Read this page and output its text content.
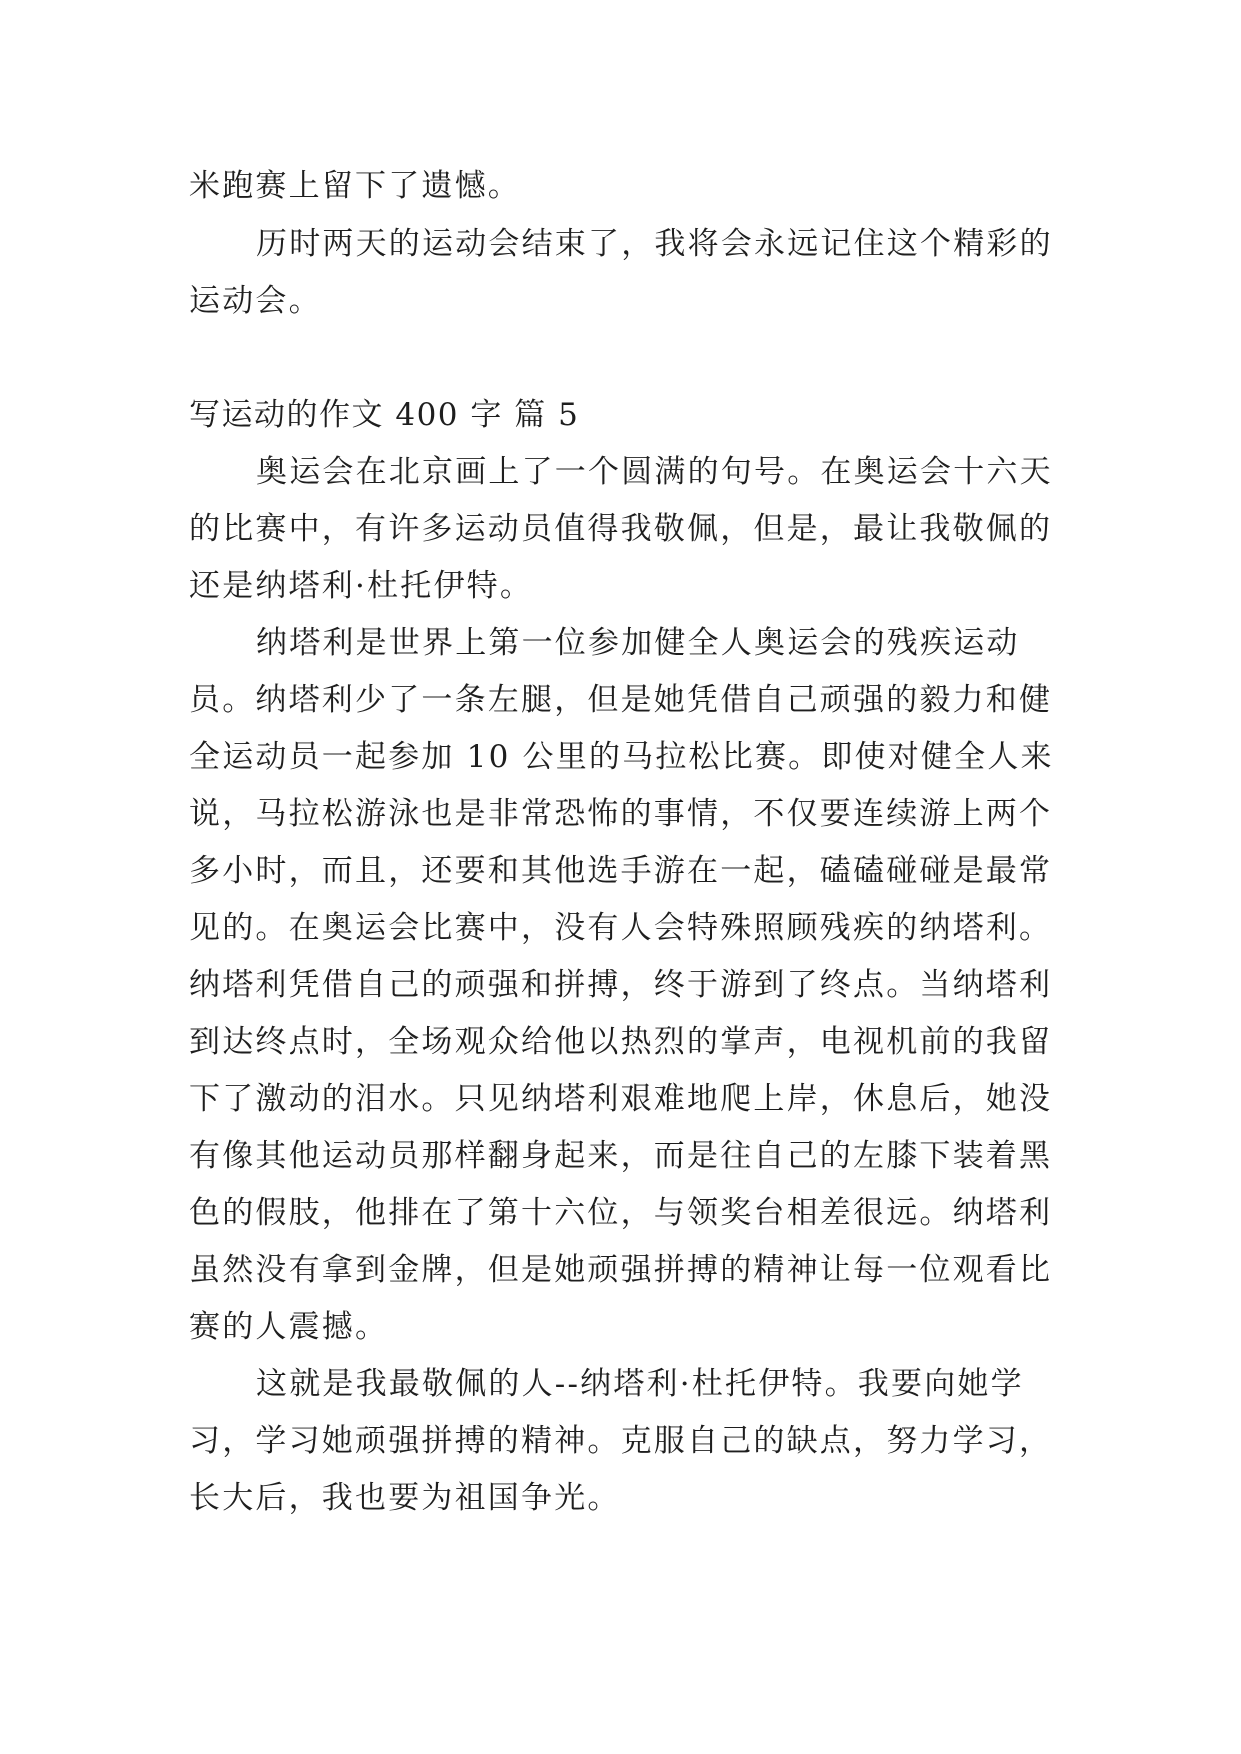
米跑赛上留下了遗憾。
历时两天的运动会结束了，我将会永远记住这个精彩的
运动会。
写运动的作文 400 字 篇 5
奥运会在北京画上了一个圆满的句号。在奥运会十六天
的比赛中，有许多运动员值得我敬佩，但是，最让我敬佩的
还是纳塔利·杜托伊特。
纳塔利是世界上第一位参加健全人奥运会的残疾运动
员。纳塔利少了一条左腿，但是她凭借自己顽强的毅力和健
全运动员一起参加 10 公里的马拉松比赛。即使对健全人来
说，马拉松游泳也是非常恐怖的事情，不仅要连续游上两个
多小时，而且，还要和其他选手游在一起，磕磕碰碰是最常
见的。在奥运会比赛中，没有人会特殊照顾残疾的纳塔利。
纳塔利凭借自己的顽强和拼搏，终于游到了终点。当纳塔利
到达终点时，全场观众给他以热烈的掌声，电视机前的我留
下了激动的泪水。只见纳塔利艰难地爬上岸，休息后，她没
有像其他运动员那样翻身起来，而是往自己的左膝下装着黑
色的假肢，他排在了第十六位，与领奖台相差很远。纳塔利
虽然没有拿到金牌，但是她顽强拼搏的精神让每一位观看比
赛的人震撼。
这就是我最敬佩的人--纳塔利·杜托伊特。我要向她学
习，学习她顽强拼搏的精神。克服自己的缺点，努力学习，
长大后，我也要为祖国争光。
